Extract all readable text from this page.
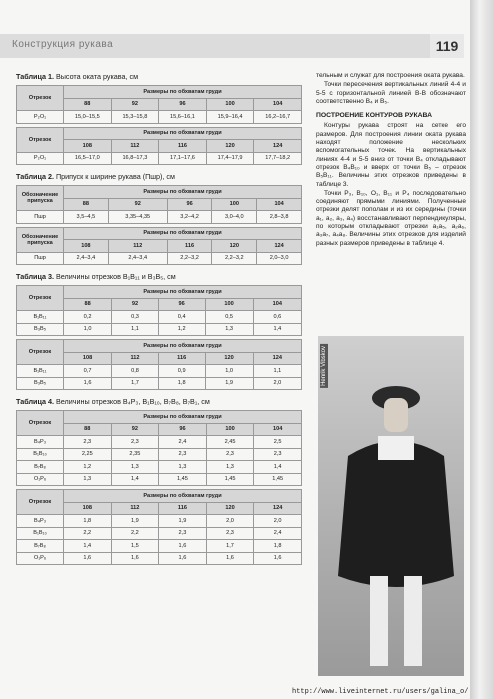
Конструкция рукава	119
Таблица 1. Высота оката рукава, см
Отрезок	Размеры по обхватам груди				
	88	92	96	100	104
P₂O₁	15,0–15,5	15,3–15,8	15,6–16,1	15,9–16,4	16,2–16,7

Отрезок	Размеры по обхватам груди				
	108	112	116	120	124
P₂O₁	16,5–17,0	16,8–17,3	17,1–17,6	17,4–17,9	17,7–18,2
Таблица 2. Припуск к ширине рукава (Пшр), см
Обозначение припуска	Размеры по обхватам груди				
	88	92	96	100	104
Пшр	3,5–4,5	3,35–4,35	3,2–4,2	3,0–4,0	2,8–3,8

Обозначение припуска	Размеры по обхватам груди				
	108	112	116	120	124
Пшр	2,4–3,4	2,4–3,4	2,2–3,2	2,2–3,2	2,0–3,0
Таблица 3. Величины отрезков B₁B₁₁ и B₃B₅, см
Отрезок	Размеры по обхватам груди				
	88	92	96	100	104
B₁B₁₁	0,2	0,3	0,4	0,5	0,6
B₃B₅	1,0	1,1	1,2	1,3	1,4

Отрезок	Размеры по обхватам груди				
	108	112	116	120	124
B₁B₁₁	0,7	0,8	0,9	1,0	1,1
B₃B₅	1,6	1,7	1,8	1,9	2,0
Таблица 4. Величины отрезков B₄P₃, B₁B₁₀, B₇B₈, B₇B₁, см
Отрезок	Размеры по обхватам груди				
	88	92	96	100	104
B₄P₃	2,3	2,3	2,4	2,45	2,5
B₁B₁₀	2,25	2,35	2,3	2,3	2,3
B₇B₈	1,2	1,3	1,3	1,3	1,4
O₁P₆	1,3	1,4	1,45	1,45	1,45

Отрезок	Размеры по обхватам груди				
	108	112	116	120	124
B₄P₃	1,8	1,9	1,9	2,0	2,0
B₁B₁₀	2,2	2,2	2,3	2,3	2,4
B₇B₈	1,4	1,5	1,6	1,7	1,8
O₁P₆	1,6	1,6	1,6	1,6	1,6

тельным и служат для построения оката рукава.

Точки пересечения вертикальных линий 4-4 и 5-5 с горизонтальной линией B-B обозначают соответственно B₄ и B₅.

ПОСТРОЕНИЕ КОНТУРОВ РУКАВА

Контуры рукава строят на сетке его размеров. Для построения линии оката рукава находят положение нескольких вспомогательных точек. На вертикальных линиях 4-4 и 5-5 вниз от точки B₄ откладывают отрезок B₄B₁₀ и вверх от точки B₅ – отрезок B₅B₁₁. Величины этих отрезков приведены в таблице 3.

Точки P₃, B₁₀, O₁, B₁₁ и P₄ последовательно соединяют прямыми линиями. Полученные отрезки делят пополам и из их середины (точки a₁, a₂, a₃, a₄) восстанавливают перпендикуляры, по которым откладывают отрезки a₁a₅, a₂a₆, a₃a₇, a₄a₈. Величины этих отрезков для изделий разных размеров приведены в таблице 4.

Henrik Vibskov
http://www.liveinternet.ru/users/galina_o/
